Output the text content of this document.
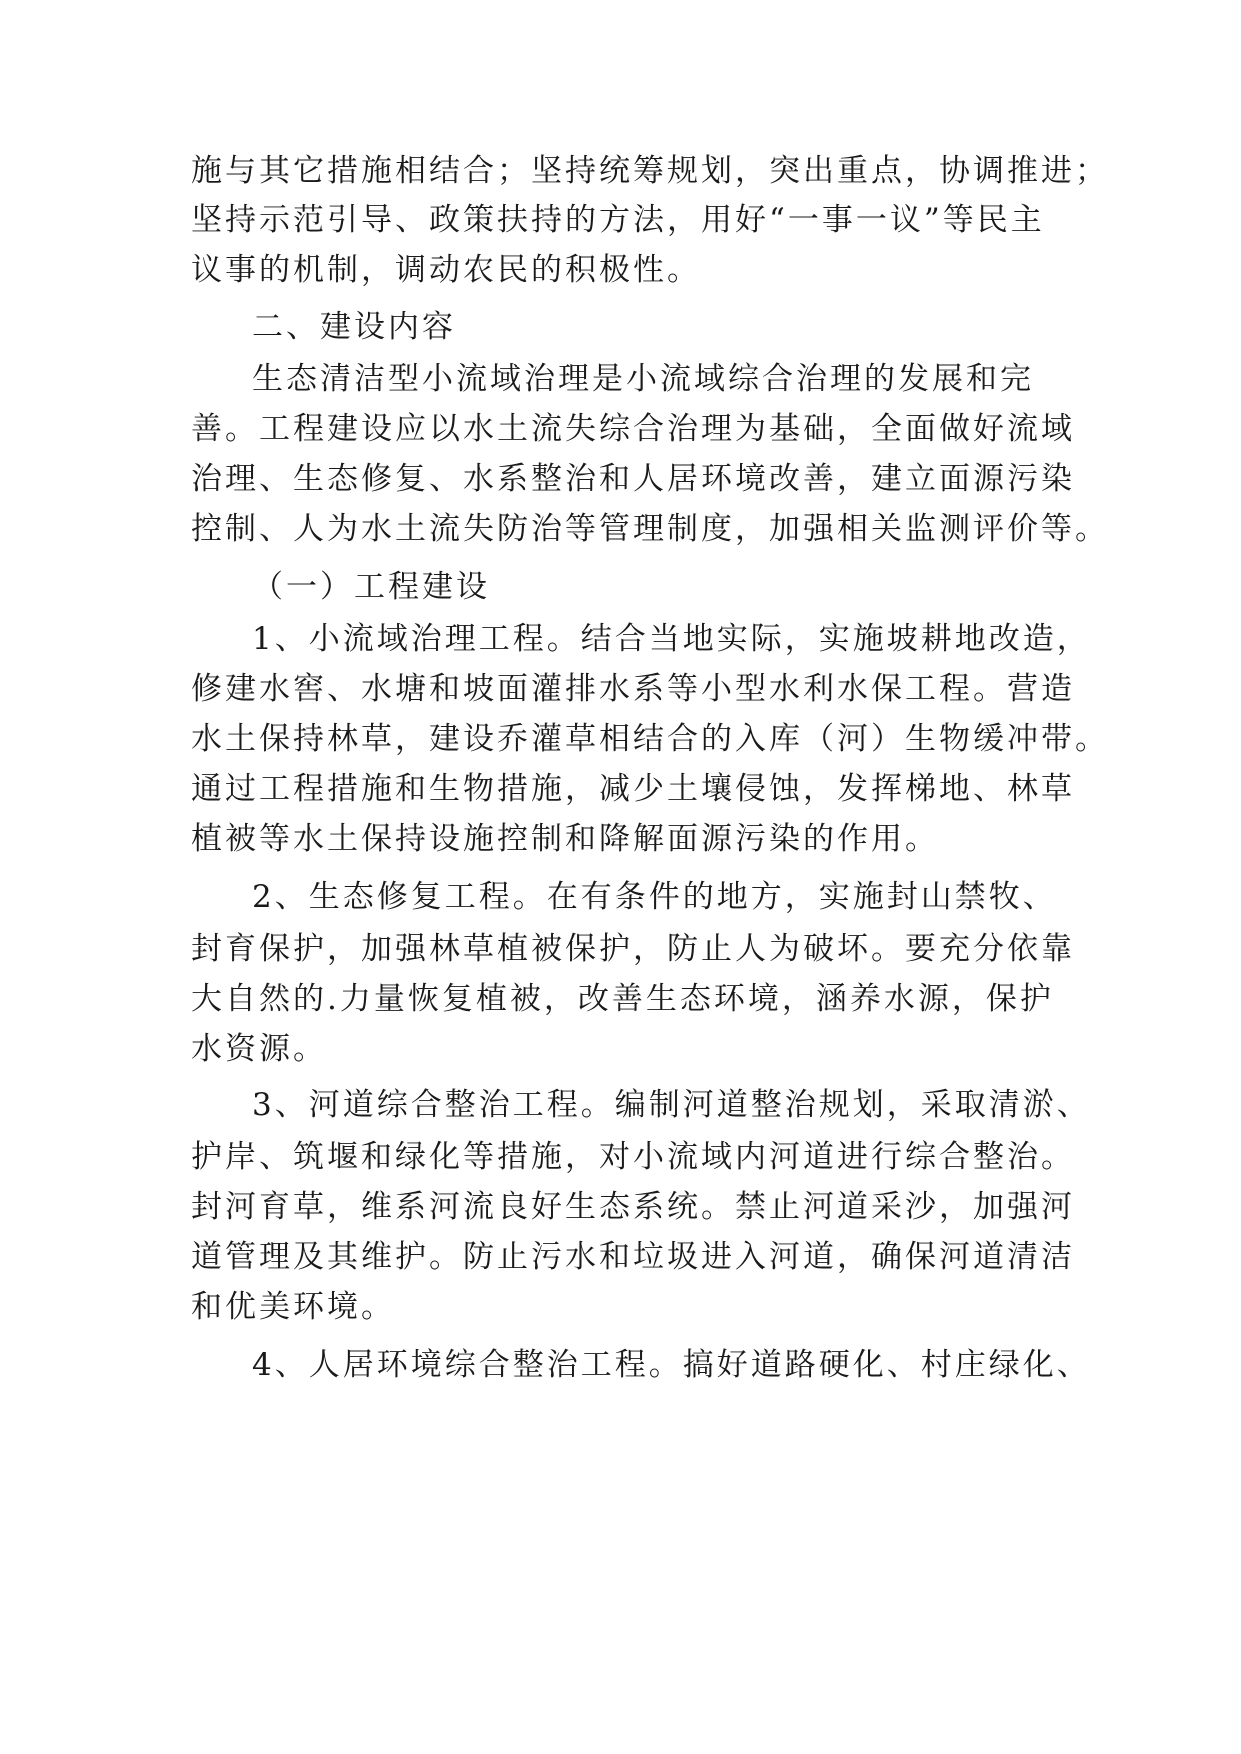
施与其它措施相结合；坚持统筹规划，突出重点，协调推进；
坚持示范引导、政策扶持的方法，用好“一事一议”等民主
议事的机制，调动农民的积极性。
二、建设内容
生态清洁型小流域治理是小流域综合治理的发展和完
善。工程建设应以水土流失综合治理为基础，全面做好流域
治理、生态修复、水系整治和人居环境改善，建立面源污染
控制、人为水土流失防治等管理制度，加强相关监测评价等。
（一）工程建设
1、小流域治理工程。结合当地实际，实施坡耕地改造，
修建水窖、水塘和坡面灌排水系等小型水利水保工程。营造
水土保持林草，建设乔灌草相结合的入库（河）生物缓冲带。
通过工程措施和生物措施，减少土壤侵蚀，发挥梯地、林草
植被等水土保持设施控制和降解面源污染的作用。
2、生态修复工程。在有条件的地方，实施封山禁牧、
封育保护，加强林草植被保护，防止人为破坏。要充分依靠
大自然的.力量恢复植被，改善生态环境，涵养水源，保护
水资源。
3、河道综合整治工程。编制河道整治规划，采取清淤、
护岸、筑堰和绿化等措施，对小流域内河道进行综合整治。
封河育草，维系河流良好生态系统。禁止河道采沙，加强河
道管理及其维护。防止污水和垃圾进入河道，确保河道清洁
和优美环境。
4、人居环境综合整治工程。搞好道路硬化、村庄绿化、
